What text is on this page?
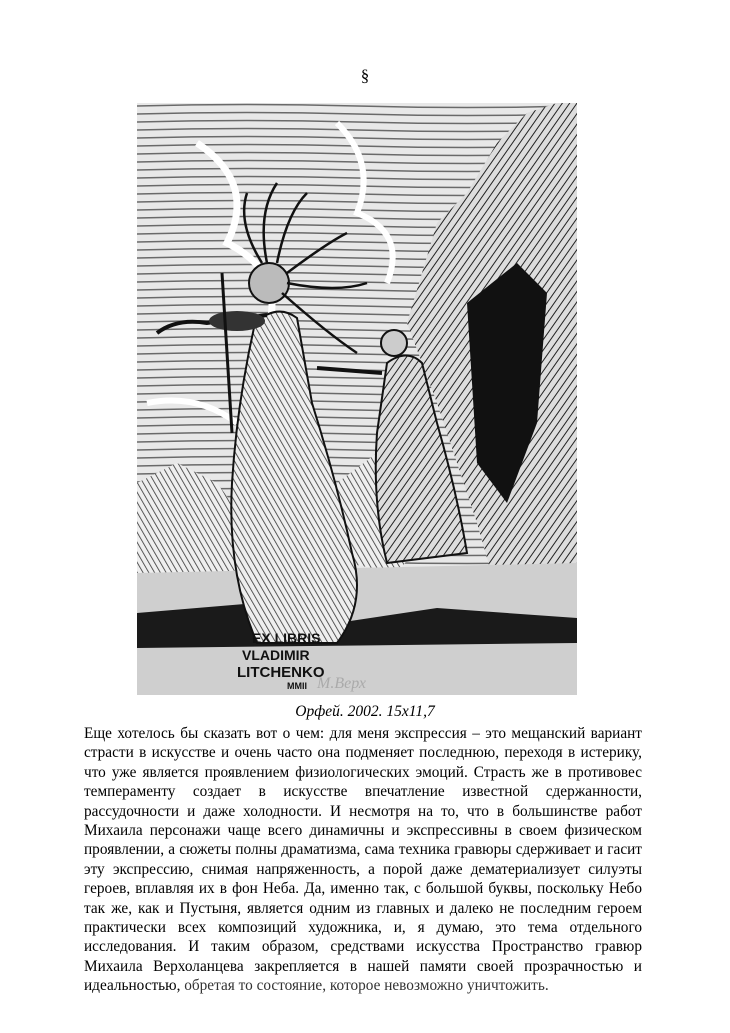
§
EX LIBRIS
VLADIMIR
LITCHENKO
MMII М.Верх
Орфей. 2002. 15х11,7
Еще хотелось бы сказать вот о чем: для меня экспрессия – это мещанский вариант страсти в искусстве и очень часто она подменяет последнюю, переходя в истерику, что уже является проявлением физиологических эмоций. Страсть же в противовес темпераменту создает в искусстве впечатление известной сдержанности, рассудочности и даже холодности. И несмотря на то, что в большинстве работ Михаила персонажи чаще всего динамичны и экспрессивны в своем физическом проявлении, а сюжеты полны драматизма, сама техника гравюры сдерживает и гасит эту экспрессию, снимая напряженность, а порой даже дематериализует силуэты героев, вплавляя их в фон Неба. Да, именно так, с большой буквы, поскольку Небо так же, как и Пустыня, является одним из главных и далеко не последним героем практически всех композиций художника, и, я думаю, это тема отдельного исследования. И таким образом, средствами искусства Пространство гравюр Михаила Верхоланцева закрепляется в нашей памяти своей прозрачностью и идеальностью, обретая то состояние, которое невозможно уничтожить.
